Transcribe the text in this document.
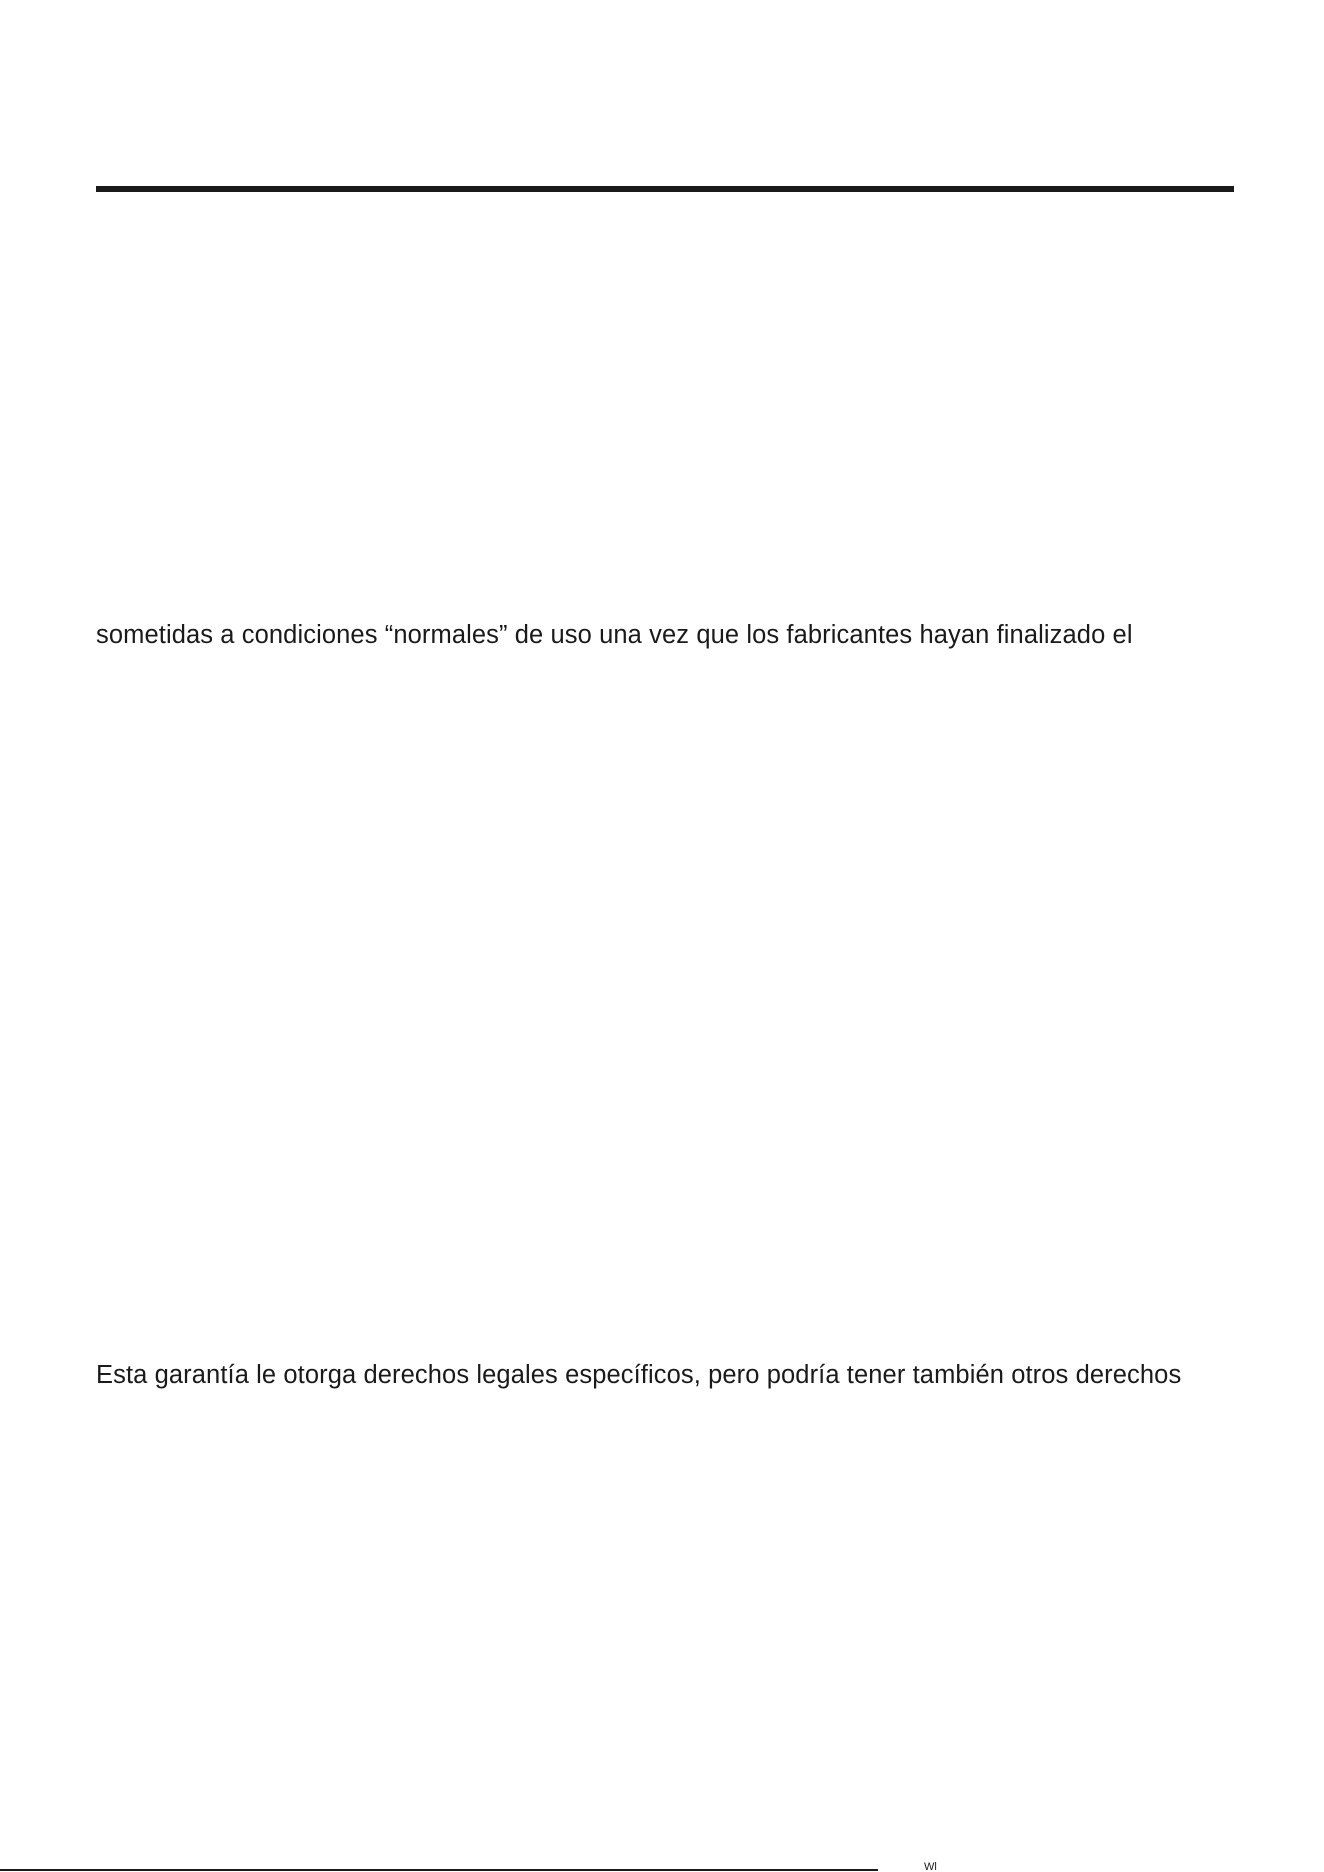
sometidas a condiciones “normales” de uso una vez que los fabricantes hayan finalizado el

Esta garantía le otorga derechos legales específicos, pero podría tener también otros derechos

Wl
